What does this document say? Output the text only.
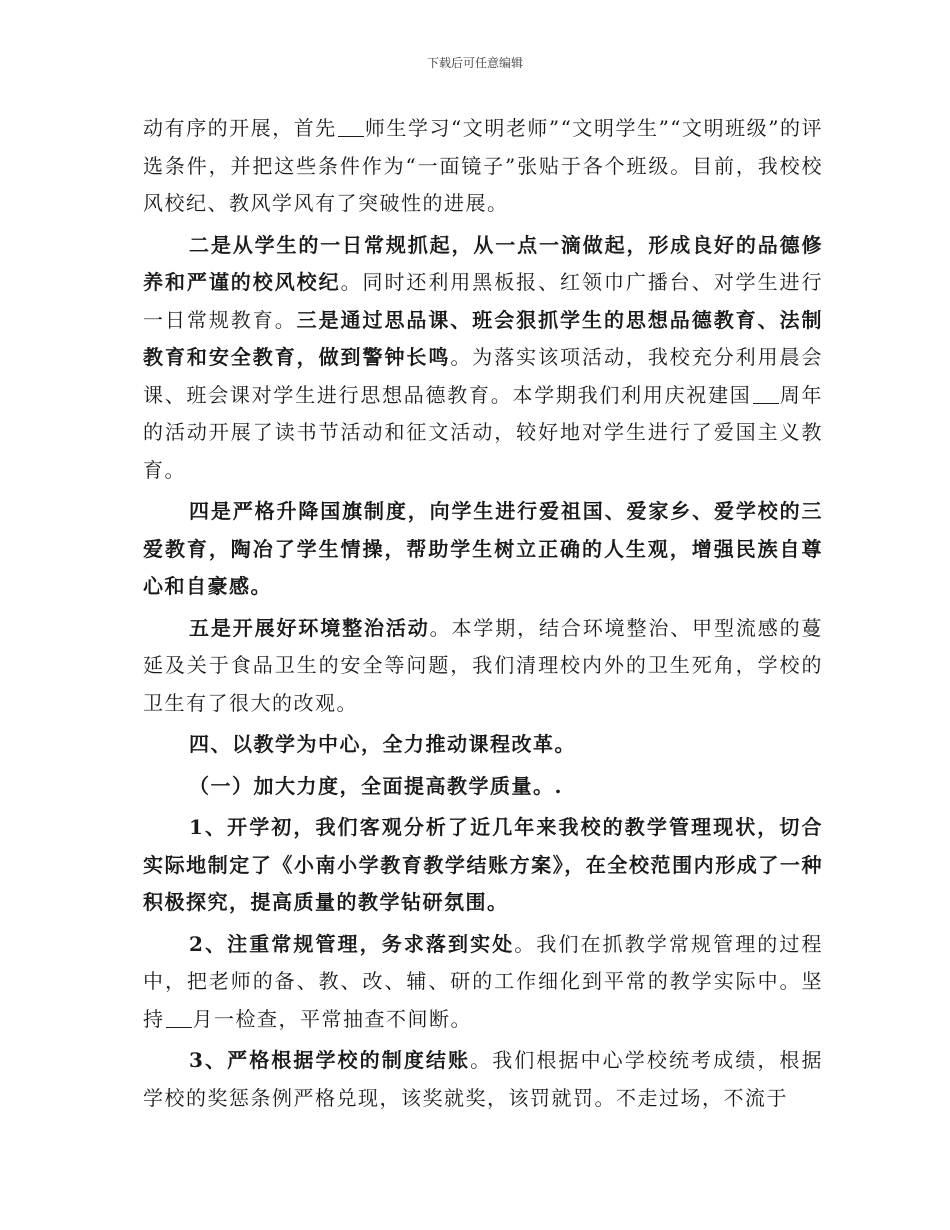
下载后可任意编辑

动有序的开展，首先 师生学习“文明老师”“文明学生”“文明班级”的评选条件，并把这些条件作为“一面镜子”张贴于各个班级。目前，我校校风校纪、教风学风有了突破性的进展。

二是从学生的一日常规抓起，从一点一滴做起，形成良好的品德修养和严谨的校风校纪。同时还利用黑板报、红领巾广播台、对学生进行一日常规教育。三是通过思品课、班会狠抓学生的思想品德教育、法制教育和安全教育，做到警钟长鸣。为落实该项活动，我校充分利用晨会课、班会课对学生进行思想品德教育。本学期我们利用庆祝建国 周年的活动开展了读书节活动和征文活动，较好地对学生进行了爱国主义教育。

四是严格升降国旗制度，向学生进行爱祖国、爱家乡、爱学校的三爱教育，陶冶了学生情操，帮助学生树立正确的人生观，增强民族自尊心和自豪感。

五是开展好环境整治活动。本学期，结合环境整治、甲型流感的蔓延及关于食品卫生的安全等问题，我们清理校内外的卫生死角，学校的卫生有了很大的改观。

四、以教学为中心，全力推动课程改革。

（一）加大力度，全面提高教学质量。.

1、开学初，我们客观分析了近几年来我校的教学管理现状，切合实际地制定了《小南小学教育教学结账方案》，在全校范围内形成了一种积极探究，提高质量的教学钻研氛围。

2、注重常规管理，务求落到实处。我们在抓教学常规管理的过程中，把老师的备、教、改、辅、研的工作细化到平常的教学实际中。坚持 月一检查，平常抽查不间断。

3、严格根据学校的制度结账。我们根据中心学校统考成绩，根据学校的奖惩条例严格兑现，该奖就奖，该罚就罚。不走过场，不流于
